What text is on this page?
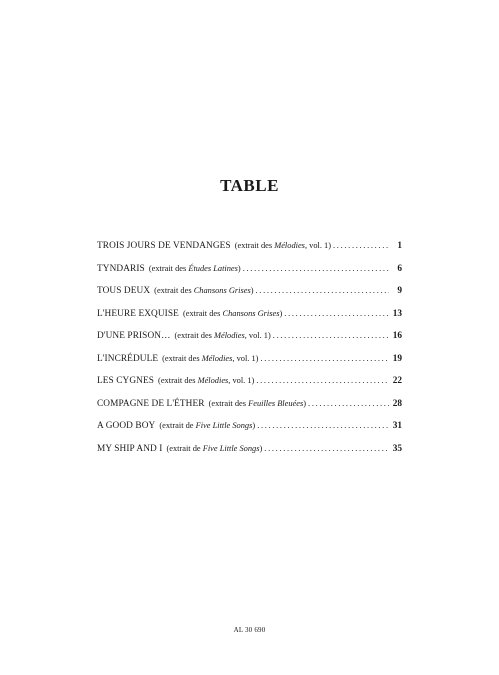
TABLE
TROIS JOURS DE VENDANGES (extrait des Mélodies, vol. 1) . . .	1
TYNDARIS (extrait des Études Latines) . . .	6
TOUS DEUX (extrait des Chansons Grises) . . .	9
L'HEURE EXQUISE (extrait des Chansons Grises) . . .	13
D'UNE PRISON… (extrait des Mélodies, vol. 1) . . .	16
L'INCRÉDULE (extrait des Mélodies, vol. 1) . . .	19
LES CYGNES (extrait des Mélodies, vol. 1) . . .	22
COMPAGNE DE L'ÉTHER (extrait des Feuilles Bleuées) . . .	28
A GOOD BOY (extrait de Five Little Songs) . . .	31
MY SHIP AND I (extrait de Five Little Songs) . . .	35
AL 30 690
